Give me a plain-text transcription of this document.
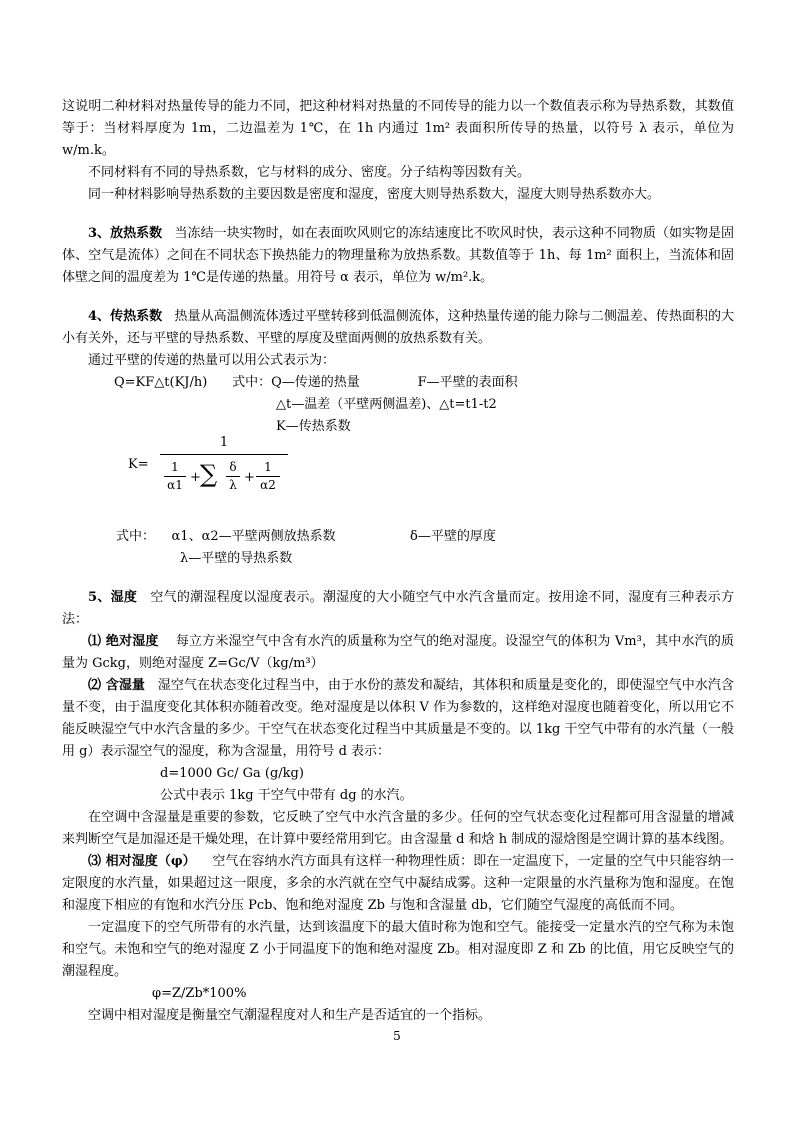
这说明二种材料对热量传导的能力不同，把这种材料对热量的不同传导的能力以一个数值表示称为导热系数，其数值等于：当材料厚度为 1m，二边温差为 1℃，在 1h 内通过 1m² 表面积所传导的热量，以符号 λ 表示，单位为 w/m.k。

不同材料有不同的导热系数，它与材料的成分、密度。分子结构等因数有关。

同一种材料影响导热系数的主要因数是密度和湿度，密度大则导热系数大，湿度大则导热系数亦大。

3、放热系数 当冻结一块实物时，如在表面吹风则它的冻结速度比不吹风时快，表示这种不同物质（如实物是固体、空气是流体）之间在不同状态下换热能力的物理量称为放热系数。其数值等于 1h、每 1m² 面积上，当流体和固体壁之间的温度差为 1℃是传递的热量。用符号 α 表示，单位为 w/m².k。

4、传热系数 热量从高温侧流体透过平壁转移到低温侧流体，这种热量传递的能力除与二侧温差、传热面积的大小有关外，还与平壁的导热系数、平壁的厚度及壁面两侧的放热系数有关。

通过平壁的传递的热量可以用公式表示为：

Q=KF△t(KJ/h)      式中：Q—传递的热量              F—平壁的表面积

△t—温差（平壁两侧温差)、△t=t1-t2

K—传热系数

K=
1
$\frac{1}{\alpha 1}$ + ∑ $\frac{\delta}{\lambda} + \frac{1}{\alpha 2}$

式中：    α1、α2—平壁两侧放热系数                  δ—平壁的厚度

λ—平壁的导热系数

5、湿度 空气的潮湿程度以湿度表示。潮湿度的大小随空气中水汽含量而定。按用途不同，湿度有三种表示方法：

⑴ 绝对湿度 每立方米湿空气中含有水汽的质量称为空气的绝对湿度。设湿空气的体积为 Vm³，其中水汽的质量为 Gckg，则绝对湿度 Z=Gc/V（kg/m³）

⑵ 含湿量 湿空气在状态变化过程当中，由于水份的蒸发和凝结，其体积和质量是变化的，即使湿空气中水汽含量不变，由于温度变化其体积亦随着改变。绝对湿度是以体积 V 作为参数的，这样绝对湿度也随着变化，所以用它不能反映湿空气中水汽含量的多少。干空气在状态变化过程当中其质量是不变的。以 1kg 干空气中带有的水汽量（一般用 g）表示湿空气的湿度，称为含湿量，用符号 d 表示：

d=1000 Gc/ Ga (g/kg)

公式中表示 1kg 干空气中带有 dg 的水汽。

在空调中含湿量是重要的参数，它反映了空气中水汽含量的多少。任何的空气状态变化过程都可用含湿量的增减来判断空气是加湿还是干燥处理，在计算中要经常用到它。由含湿量 d 和焓 h 制成的湿焓图是空调计算的基本线图。

⑶ 相对湿度（φ） 空气在容纳水汽方面具有这样一种物理性质：即在一定温度下，一定量的空气中只能容纳一定限度的水汽量，如果超过这一限度，多余的水汽就在空气中凝结成雾。这种一定限量的水汽量称为饱和湿度。在饱和湿度下相应的有饱和水汽分压 Pcb、饱和绝对湿度 Zb 与饱和含湿量 db，它们随空气湿度的高低而不同。

一定温度下的空气所带有的水汽量，达到该温度下的最大值时称为饱和空气。能接受一定量水汽的空气称为未饱和空气。未饱和空气的绝对湿度 Z 小于同温度下的饱和绝对湿度 Zb。相对湿度即 Z 和 Zb 的比值，用它反映空气的潮湿程度。

φ=Z/Zb*100%

空调中相对湿度是衡量空气潮湿程度对人和生产是否适宜的一个指标。

5
